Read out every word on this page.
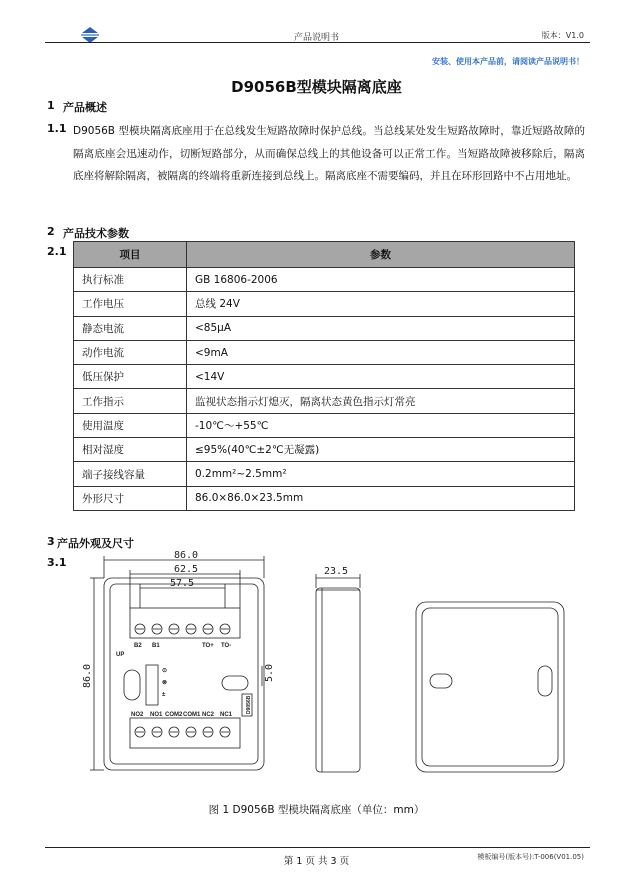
产品说明书	版本：V1.0
安装、使用本产品前，请阅读产品说明书！
D9056B型模块隔离底座
1 产品概述
1.1 D9056B 型模块隔离底座用于在总线发生短路故障时保护总线。当总线某处发生短路故障时，靠近短路故障的隔离底座会迅速动作，切断短路部分，从而确保总线上的其他设备可以正常工作。当短路故障被移除后，隔离底座将解除隔离，被隔离的终端将重新连接到总线上。隔离底座不需要编码，并且在环形回路中不占用地址。
2 产品技术参数
2.1	项目	参数
执行标准	GB 16806-2006
工作电压	总线 24V
静态电流	<85μA
动作电流	<9mA
低压保护	<14V
工作指示	监视状态指示灯熄灭，隔离状态黄色指示灯常亮
使用温度	-10℃～+55℃
相对湿度	≤95%(40℃±2℃无凝露)
端子接线容量	0.2mm²~2.5mm²
外形尺寸	86.0×86.0×23.5mm
3 产品外观及尺寸
3.1
86.0
62.5
57.5
23.5
86.0	5.0
B2 B1	TO+ TO-
NO2 NO1 COM2 COM1 NC2 NC1
UP
⊙
⊗
±
D9056B
图 1 D9056B 型模块隔离底座（单位：mm）
第 1 页 共 3 页	模板编号(版本号):T-006(V01.05)
